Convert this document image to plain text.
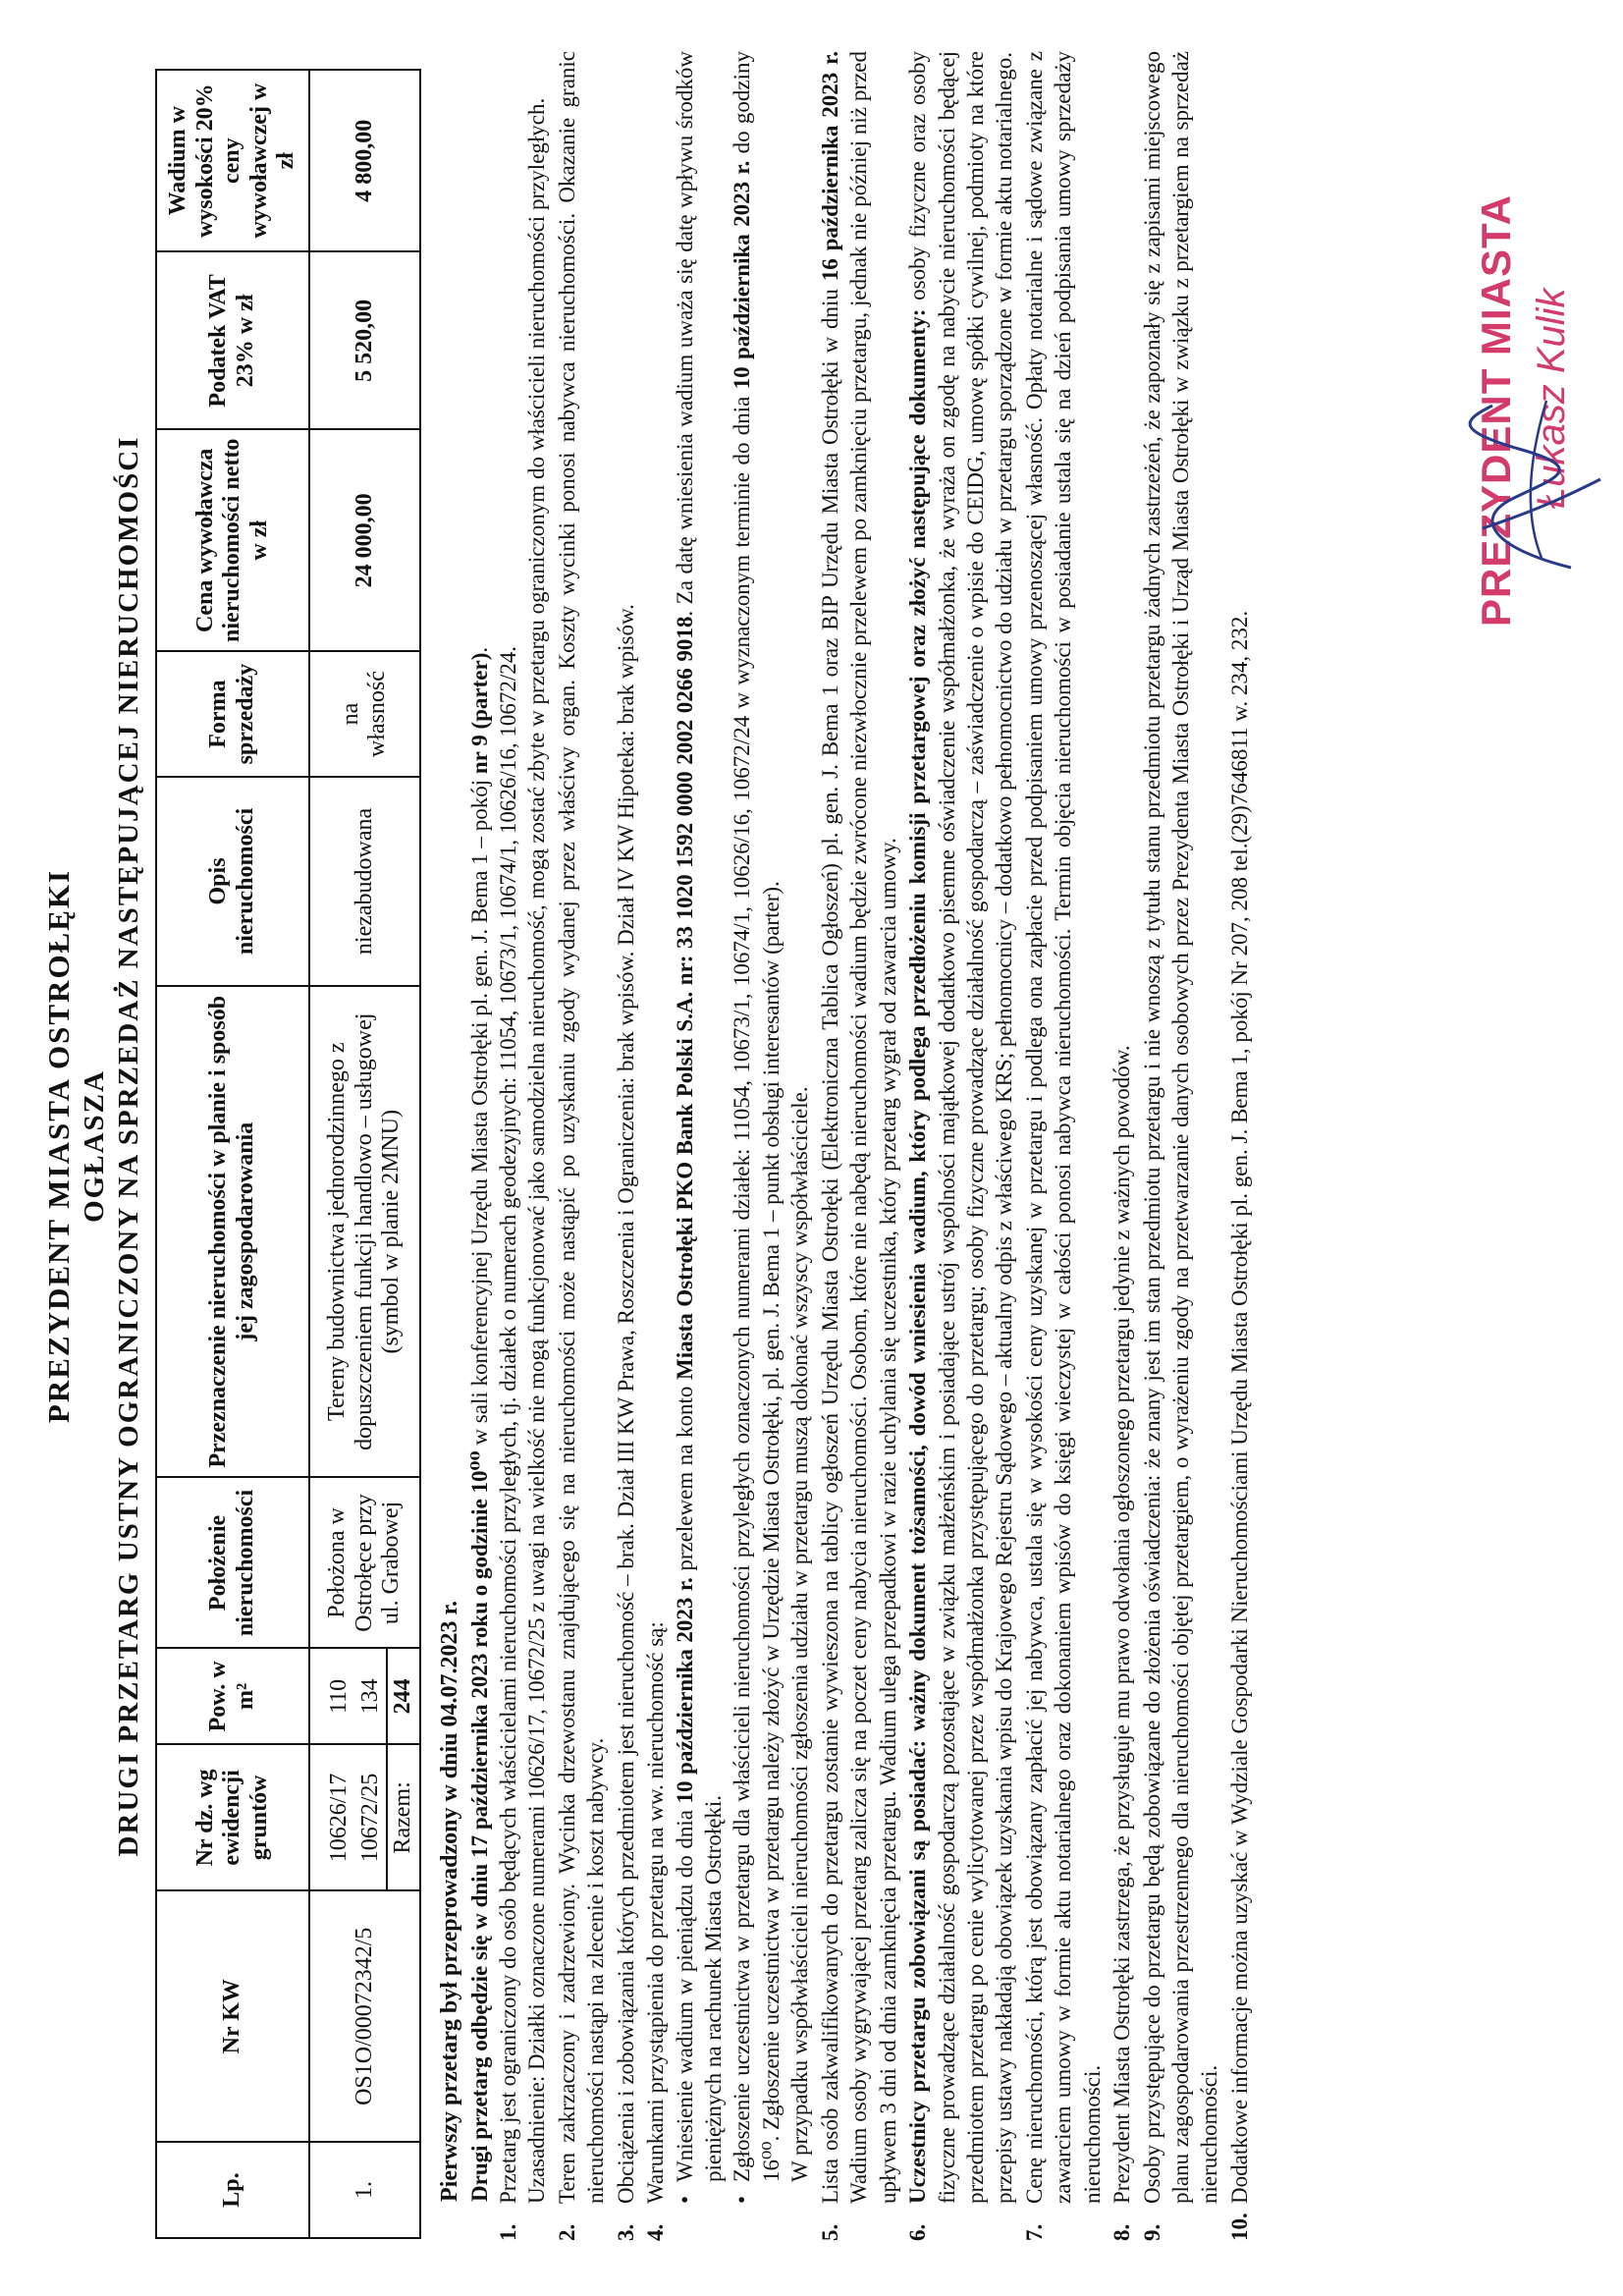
PREZYDENT MIASTA OSTROŁĘKI OGŁASZA DRUGI PRZETARG USTNY OGRANICZONY NA SPRZEDAŻ NASTĘPUJĄCEJ NIERUCHOMOŚCI
Lp.	Nr KW	Nr dz. wg ewidencji gruntów	Pow. w m²	Położenie nieruchomości	Przeznaczenie nieruchomości w planie i sposób jej zagospodarowania	Opis nieruchomości	Forma sprzedaży	Cena wywoławcza nieruchomości netto w zł	Podatek VAT 23% w zł	Wadium w wysokości 20% ceny wywoławczej w zł
1.	OS1O/00072342/5	10626/17	110	Położona w Ostrołęce przy ul. Grabowej	Tereny budownictwa jednorodzinnego z dopuszczeniem funkcji handlowo – usługowej (symbol w planie 2MNU)	niezabudowana	na własność	24 000,00	5 520,00	4 800,00
		10672/25	134							
		Razem:	244							Pierwszy przetarg był przeprowadzony w dniu 04.07.2023 r. Drugi przetarg odbędzie się w dniu 17 października 2023 roku o godzinie 10⁰⁰ w sali konferencyjnej Urzędu Miasta Ostrołęki pl. gen. J. Bema 1 – pokój nr 9 (parter).
1.
Przetarg jest ograniczony do osób będących właścicielami nieruchomości przyległych, tj. działek o numerach geodezyjnych: 11054, 10673/1, 10674/1, 10626/16, 10672/24. Uzasadnienie: Działki oznaczone numerami 10626/17, 10672/25 z uwagi na wielkość nie mogą funkcjonować jako samodzielna nieruchomość, mogą zostać zbyte w przetargu ograniczonym do właścicieli nieruchomości przyległych.
2.
Teren zakrzaczony i zadrzewiony. Wycinka drzewostanu znajdującego się na nieruchomości może nastąpić po uzyskaniu zgody wydanej przez właściwy organ. Koszty wycinki ponosi nabywca nieruchomości. Okazanie granic nieruchomości nastąpi na zlecenie i koszt nabywcy.
3.
Obciążenia i zobowiązania których przedmiotem jest nieruchomość – brak. Dział III KW Prawa, Roszczenia i Ograniczenia: brak wpisów. Dział IV KW Hipoteka: brak wpisów.
4.
Warunkami przystąpienia do przetargu na ww. nieruchomość są: •
Wniesienie wadium w pieniądzu do dnia 10 października 2023 r. przelewem na konto Miasta Ostrołęki PKO Bank Polski S.A. nr: 33 1020 1592 0000 2002 0266 9018. Za datę wniesienia wadium uważa się datę wpływu środków pieniężnych na rachunek Miasta Ostrołęki.
•
Zgłoszenie uczestnictwa w przetargu dla właścicieli nieruchomości przyległych oznaczonych numerami działek: 11054, 10673/1, 10674/1, 10626/16, 10672/24 w wyznaczonym terminie do dnia 10 października 2023 r. do godziny 16⁰⁰. Zgłoszenie uczestnictwa w przetargu należy złożyć w Urzędzie Miasta Ostrołęki, pl. gen. J. Bema 1 – punkt obsługi interesantów (parter). W przypadku współwłaścicieli nieruchomości zgłoszenia udziału w przetargu muszą dokonać wszyscy współwłaściciele.
5.
Lista osób zakwalifikowanych do przetargu zostanie wywieszona na tablicy ogłoszeń Urzędu Miasta Ostrołęki (Elektroniczna Tablica Ogłoszeń) pl. gen. J. Bema 1 oraz BIP Urzędu Miasta Ostrołęki w dniu 16 października 2023 r. Wadium osoby wygrywającej przetarg zalicza się na poczet ceny nabycia nieruchomości. Osobom, które nie nabędą nieruchomości wadium będzie zwrócone niezwłocznie przelewem po zamknięciu przetargu, jednak nie później niż przed upływem 3 dni od dnia zamknięcia przetargu. Wadium ulega przepadkowi w razie uchylania się uczestnika, który przetarg wygrał od zawarcia umowy.
6.
Uczestnicy przetargu zobowiązani są posiadać: ważny dokument tożsamości, dowód wniesienia wadium, który podlega przedłożeniu komisji przetargowej oraz złożyć następujące dokumenty: osoby fizyczne oraz osoby fizyczne prowadzące działalność gospodarczą pozostające w związku małżeńskim i posiadające ustrój wspólności majątkowej dodatkowo pisemne oświadczenie współmałżonka, że wyraża on zgodę na nabycie nieruchomości będącej przedmiotem przetargu po cenie wylicytowanej przez współmałżonka przystępującego do przetargu; osoby fizyczne prowadzące działalność gospodarczą – zaświadczenie o wpisie do CEIDG, umowę spółki cywilnej, podmioty na które przepisy ustawy nakładają obowiązek uzyskania wpisu do Krajowego Rejestru Sądowego – aktualny odpis z właściwego KRS; pełnomocnicy – dodatkowo pełnomocnictwo do udziału w przetargu sporządzone w formie aktu notarialnego.
7.
Cenę nieruchomości, którą jest obowiązany zapłacić jej nabywca, ustala się w wysokości ceny uzyskanej w przetargu i podlega ona zapłacie przed podpisaniem umowy przenoszącej własność. Opłaty notarialne i sądowe związane z zawarciem umowy w formie aktu notarialnego oraz dokonaniem wpisów do księgi wieczystej w całości ponosi nabywca nieruchomości. Termin objęcia nieruchomości w posiadanie ustala się na dzień podpisania umowy sprzedaży nieruchomości.
8.
Prezydent Miasta Ostrołęki zastrzega, że przysługuje mu prawo odwołania ogłoszonego przetargu jedynie z ważnych powodów.
9.
Osoby przystępujące do przetargu będą zobowiązane do złożenia oświadczenia: że znany jest im stan przedmiotu przetargu i nie wnoszą z tytułu stanu przedmiotu przetargu żadnych zastrzeżeń, że zapoznały się z zapisami miejscowego planu zagospodarowania przestrzennego dla nieruchomości objętej przetargiem, o wyrażeniu zgody na przetwarzanie danych osobowych przez Prezydenta Miasta Ostrołęki i Urząd Miasta Ostrołęki w związku z przetargiem na sprzedaż nieruchomości.
10.
Dodatkowe informacje można uzyskać w Wydziale Gospodarki Nieruchomościami Urzędu Miasta Ostrołęki pl. gen. J. Bema 1, pokój Nr 207, 208 tel.(29)7646811 w. 234, 232.
PREZYDENT MIASTA Łukasz Kulik
